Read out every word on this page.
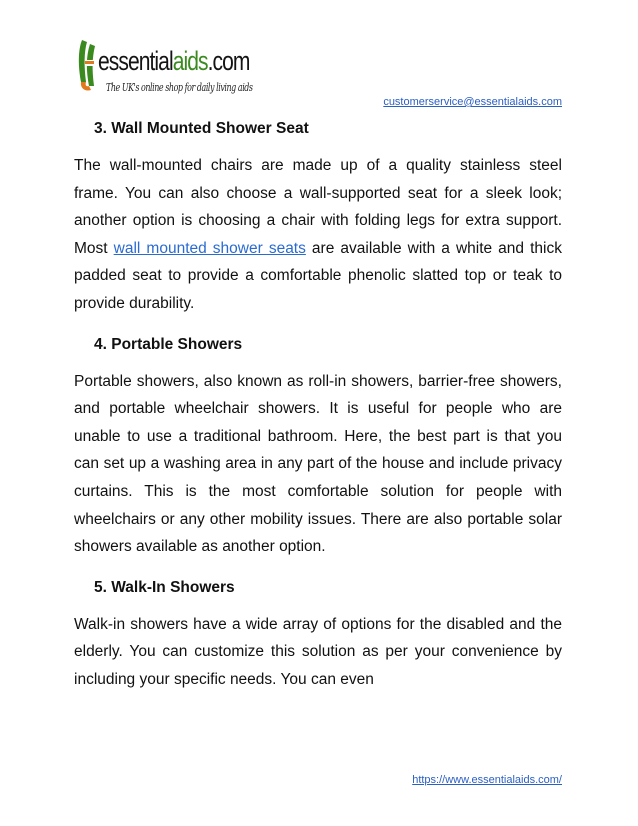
essentialaids.com
The UK's online shop for daily living aids
customerservice@essentialaids.com
3. Wall Mounted Shower Seat

The wall-mounted chairs are made up of a quality stainless steel frame. You can also choose a wall-supported seat for a sleek look; another option is choosing a chair with folding legs for extra support. Most wall mounted shower seats are available with a white and thick padded seat to provide a comfortable phenolic slatted top or teak to provide durability.

4. Portable Showers

Portable showers, also known as roll-in showers, barrier-free showers, and portable wheelchair showers. It is useful for people who are unable to use a traditional bathroom. Here, the best part is that you can set up a washing area in any part of the house and include privacy curtains. This is the most comfortable solution for people with wheelchairs or any other mobility issues. There are also portable solar showers available as another option.

5. Walk-In Showers

Walk-in showers have a wide array of options for the disabled and the elderly. You can customize this solution as per your convenience by including your specific needs. You can even

https://www.essentialaids.com/
